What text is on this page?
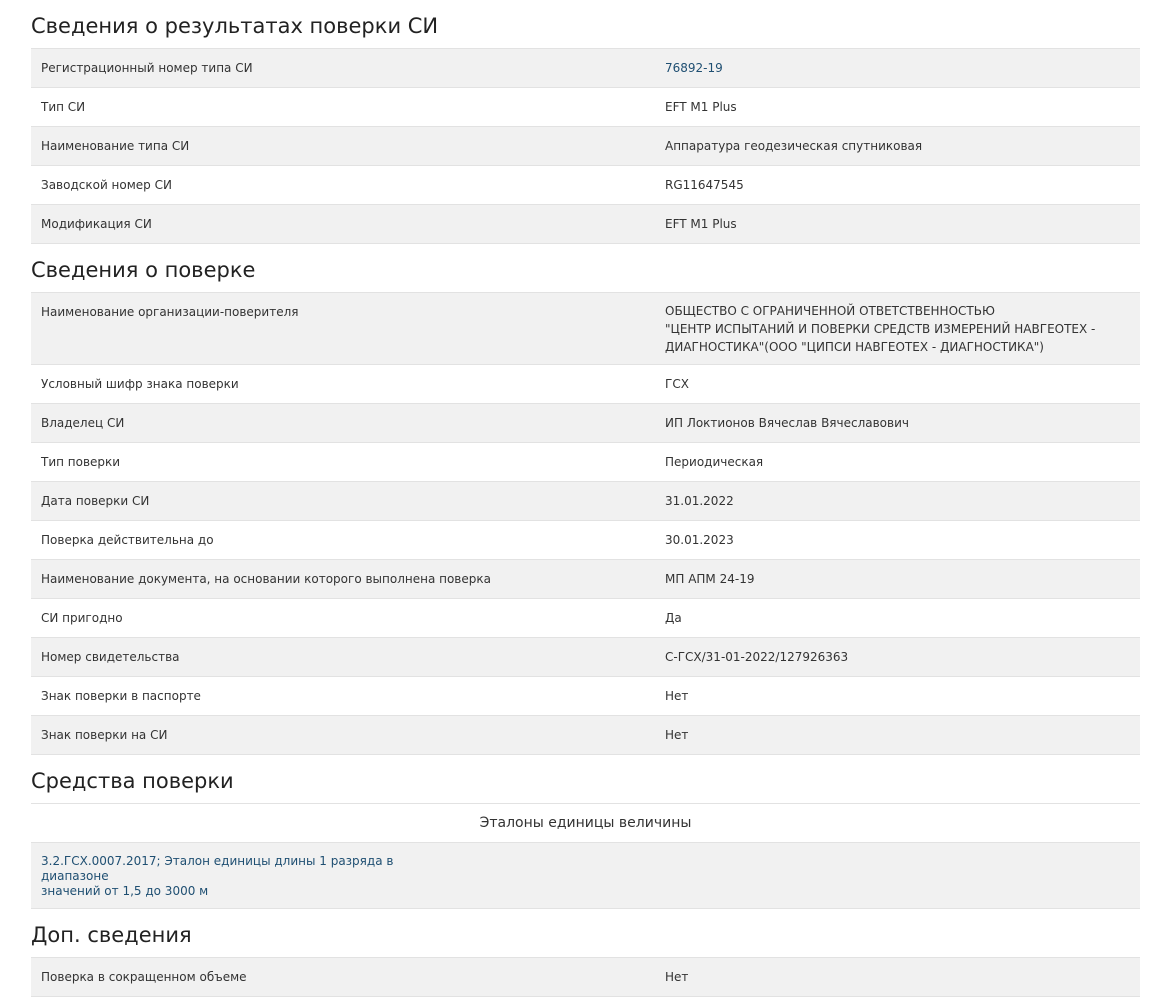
Сведения о результатах поверки СИ
Регистрационный номер типа СИ	76892-19
Тип СИ	EFT M1 Plus
Наименование типа СИ	Аппаратура геодезическая спутниковая
Заводской номер СИ	RG11647545
Модификация СИ	EFT M1 Plus
Сведения о поверке
Наименование организации-поверителя	ОБЩЕСТВО С ОГРАНИЧЕННОЙ ОТВЕТСТВЕННОСТЬЮ
"ЦЕНТР ИСПЫТАНИЙ И ПОВЕРКИ СРЕДСТВ ИЗМЕРЕНИЙ НАВГЕОТЕХ -
ДИАГНОСТИКА"(ООО "ЦИПСИ НАВГЕОТЕХ - ДИАГНОСТИКА")
Условный шифр знака поверки	ГСХ
Владелец СИ	ИП Локтионов Вячеслав Вячеславович
Тип поверки	Периодическая
Дата поверки СИ	31.01.2022
Поверка действительна до	30.01.2023
Наименование документа, на основании которого выполнена поверка	МП АПМ 24-19
СИ пригодно	Да
Номер свидетельства	С-ГСХ/31-01-2022/127926363
Знак поверки в паспорте	Нет
Знак поверки на СИ	Нет
Средства поверки
Эталоны единицы величины
3.2.ГСХ.0007.2017; Эталон единицы длины 1 разряда в диапазоне
значений от 1,5 до 3000 м
Доп. сведения
Поверка в сокращенном объеме	Нет
